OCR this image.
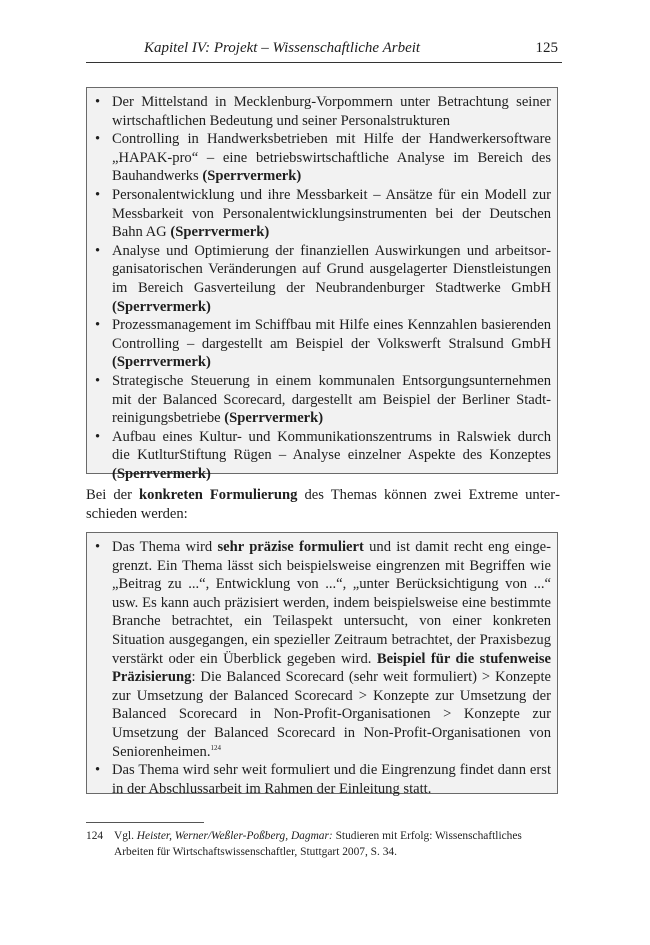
Kapitel IV: Projekt – Wissenschaftliche Arbeit	125
• Der Mittelstand in Mecklenburg-Vorpommern unter Betrachtung seiner wirtschaftlichen Bedeutung und seiner Personalstrukturen
• Controlling in Handwerksbetrieben mit Hilfe der Handwerkersoftware „HAPAK-pro“ – eine betriebswirtschaftliche Analyse im Bereich des Bauhandwerks (Sperrvermerk)
• Personalentwicklung und ihre Messbarkeit – Ansätze für ein Modell zur Messbarkeit von Personalentwicklungsinstrumenten bei der Deutschen Bahn AG (Sperrvermerk)
• Analyse und Optimierung der finanziellen Auswirkungen und arbeitsorganisatorischen Veränderungen auf Grund ausgelagerter Dienstleistungen im Bereich Gasverteilung der Neubrandenburger Stadtwerke GmbH (Sperrvermerk)
• Prozessmanagement im Schiffbau mit Hilfe eines Kennzahlen basierenden Controlling – dargestellt am Beispiel der Volkswerft Stralsund GmbH (Sperrvermerk)
• Strategische Steuerung in einem kommunalen Entsorgungsunternehmen mit der Balanced Scorecard, dargestellt am Beispiel der Berliner Stadtreinigungsbetriebe (Sperrvermerk)
• Aufbau eines Kultur- und Kommunikationszentrums in Ralswiek durch die KutlturStiftung Rügen – Analyse einzelner Aspekte des Konzeptes (Sperrvermerk)
Bei der konkreten Formulierung des Themas können zwei Extreme unterschieden werden:
• Das Thema wird sehr präzise formuliert und ist damit recht eng eingegrenzt. Ein Thema lässt sich beispielsweise eingrenzen mit Begriffen wie „Beitrag zu ...“, Entwicklung von ...“, „unter Berücksichtigung von ...“ usw. Es kann auch präzisiert werden, indem beispielsweise eine bestimmte Branche betrachtet, ein Teilaspekt untersucht, von einer konkreten Situation ausgegangen, ein spezieller Zeitraum betrachtet, der Praxisbezug verstärkt oder ein Überblick gegeben wird. Beispiel für die stufenweise Präzisierung: Die Balanced Scorecard (sehr weit formuliert) > Konzepte zur Umsetzung der Balanced Scorecard > Konzepte zur Umsetzung der Balanced Scorecard in Non-Profit-Organisationen > Konzepte zur Umsetzung der Balanced Scorecard in Non-Profit-Organisationen von Seniorenheimen.$^{124}$
• Das Thema wird sehr weit formuliert und die Eingrenzung findet dann erst in der Abschlussarbeit im Rahmen der Einleitung statt.
124 Vgl. Heister, Werner/Weßler-Poßberg, Dagmar: Studieren mit Erfolg: Wissenschaftliches Arbeiten für Wirtschaftswissenschaftler, Stuttgart 2007, S. 34.
